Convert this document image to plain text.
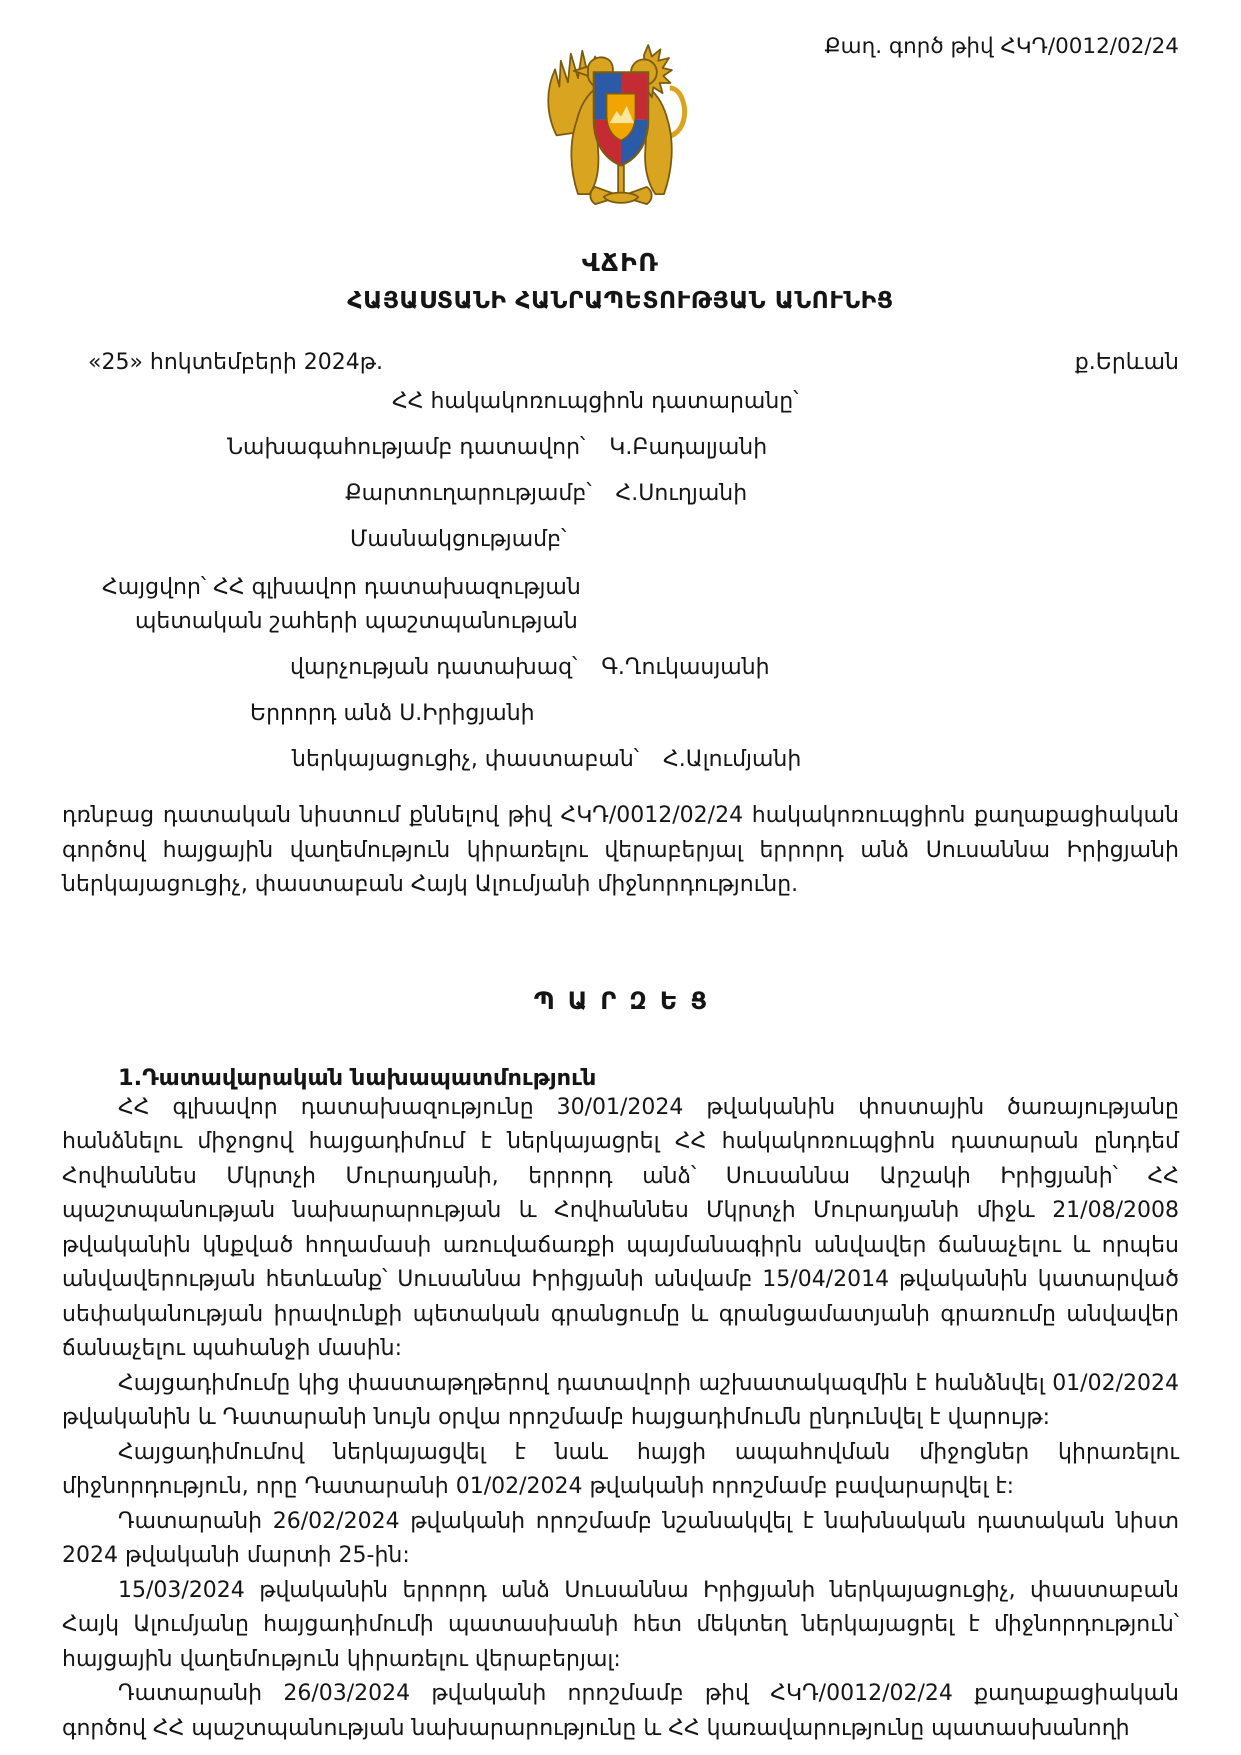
Քաղ. գործ թիվ ՀԿԴ/0012/02/24
ՎՃԻՌ
ՀԱՅԱՍՏԱՆԻ ՀԱՆՐԱՊԵՏՈՒԹՅԱՆ ԱՆՈՒՆԻՑ
«25» հոկտեմբերի 2024թ.	ք.Երևան
ՀՀ հակակոռուպցիոն դատարանը՝
Նախագահությամբ դատավոր՝ Կ.Բադալյանի
Քարտուղարությամբ՝ Հ.Սուղյանի
Մասնակցությամբ՝
Հայցվոր՝ ՀՀ գլխավոր դատախազության
պետական շահերի պաշտպանության
վարչության դատախազ՝ Գ.Ղուկասյանի
Երրորդ անձ Ս.Իրիցյանի
ներկայացուցիչ, փաստաբան՝ Հ.Ալումյանի

դռնբաց դատական նիստում քննելով թիվ ՀԿԴ/0012/02/24 հակակոռուպցիոն քաղաքացիական գործով հայցային վաղեմություն կիրառելու վերաբերյալ երրորդ անձ Սուսաննա Իրիցյանի ներկայացուցիչ, փաստաբան Հայկ Ալումյանի միջնորդությունը.

ՊԱՐԶԵՑ
1.Դատավարական նախապատմություն

ՀՀ գլխավոր դատախազությունը 30/01/2024 թվականին փոստային ծառայությանը հանձնելու միջոցով հայցադիմում է ներկայացրել ՀՀ հակակոռուպցիոն դատարան ընդդեմ Հովհաննես Մկրտչի Մուրադյանի, երրորդ անձ՝ Սուսաննա Արշակի Իրիցյանի՝ ՀՀ պաշտպանության նախարարության և Հովհաննես Մկրտչի Մուրադյանի միջև 21/08/2008 թվականին կնքված հողամասի առուվաճառքի պայմանագիրն անվավեր ճանաչելու և որպես անվավերության հետևանք՝ Սուսաննա Իրիցյանի անվամբ 15/04/2014 թվականին կատարված սեփականության իրավունքի պետական գրանցումը և գրանցամատյանի գրառումը անվավեր ճանաչելու պահանջի մասին:

Հայցադիմումը կից փաստաթղթերով դատավորի աշխատակազմին է հանձնվել 01/02/2024 թվականին և Դատարանի նույն օրվա որոշմամբ հայցադիմումն ընդունվել է վարույթ:

Հայցադիմումով ներկայացվել է նաև հայցի ապահովման միջոցներ կիրառելու միջնորդություն, որը Դատարանի 01/02/2024 թվականի որոշմամբ բավարարվել է:

Դատարանի 26/02/2024 թվականի որոշմամբ նշանակվել է նախնական դատական նիստ 2024 թվականի մարտի 25-ին:

15/03/2024 թվականին երրորդ անձ Սուսաննա Իրիցյանի ներկայացուցիչ, փաստաբան Հայկ Ալումյանը հայցադիմումի պատասխանի հետ մեկտեղ ներկայացրել է միջնորդություն՝ հայցային վաղեմություն կիրառելու վերաբերյալ:

Դատարանի 26/03/2024 թվականի որոշմամբ թիվ ՀԿԴ/0012/02/24 քաղաքացիական գործով ՀՀ պաշտպանության նախարարությունը և ՀՀ կառավարությունը պատասխանողի
